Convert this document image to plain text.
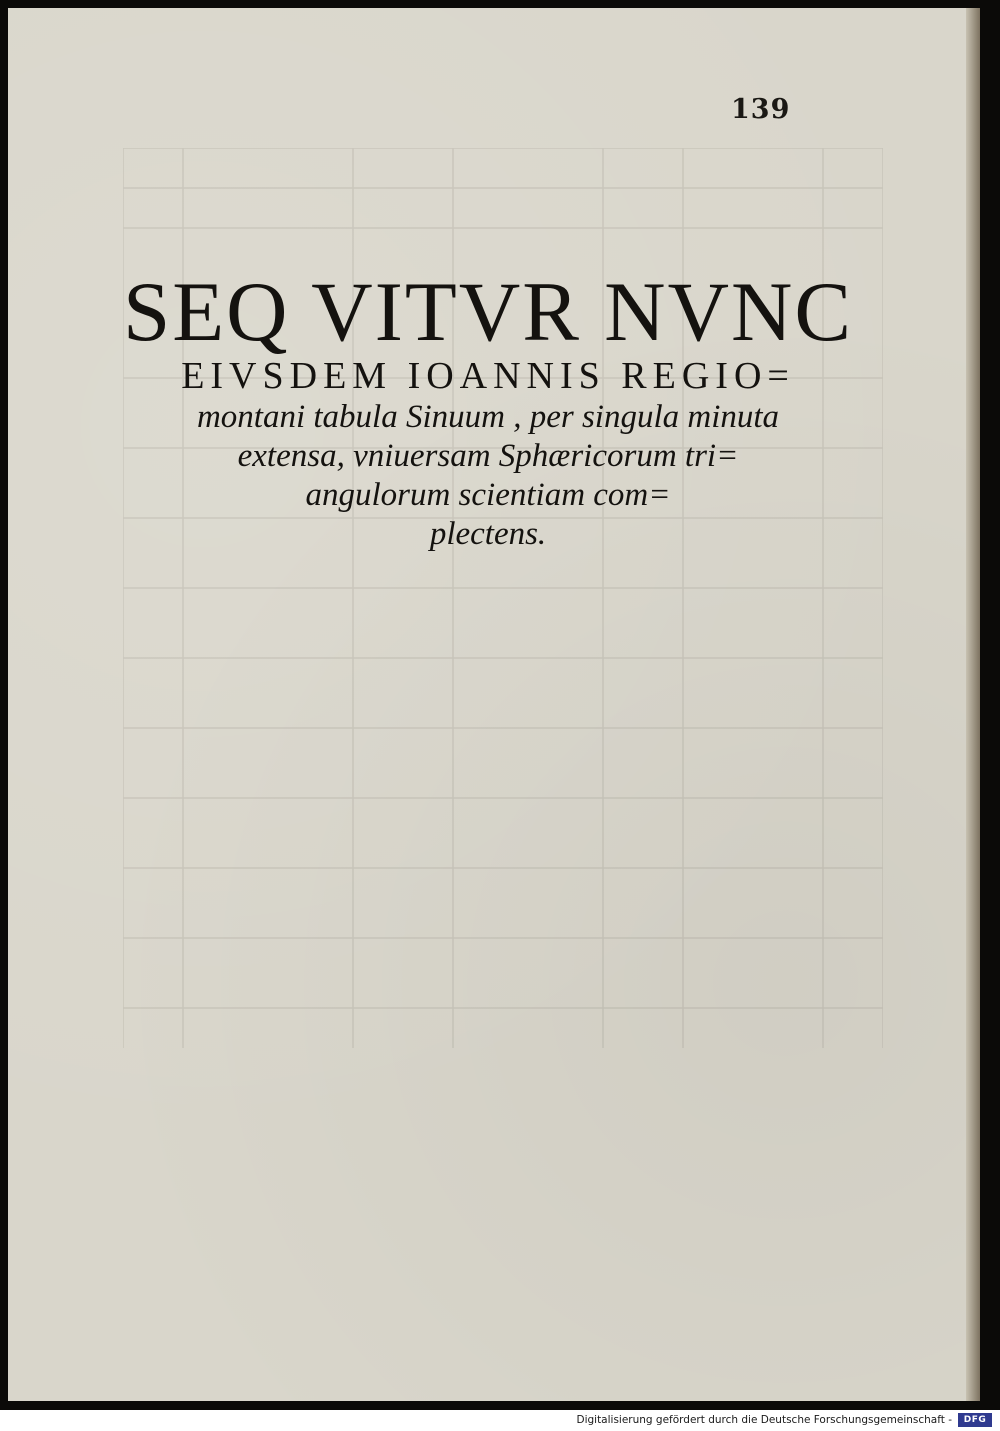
139
SEQ VITVR NVNC
EIVSDEM IOANNIS REGIO=
montani tabula Sinuum , per singula minuta
extensa, vniuersam Sphæricorum tri=
angulorum scientiam com=
plectens.
Digitalisierung gefördert durch die Deutsche Forschungsgemeinschaft -	DFG
